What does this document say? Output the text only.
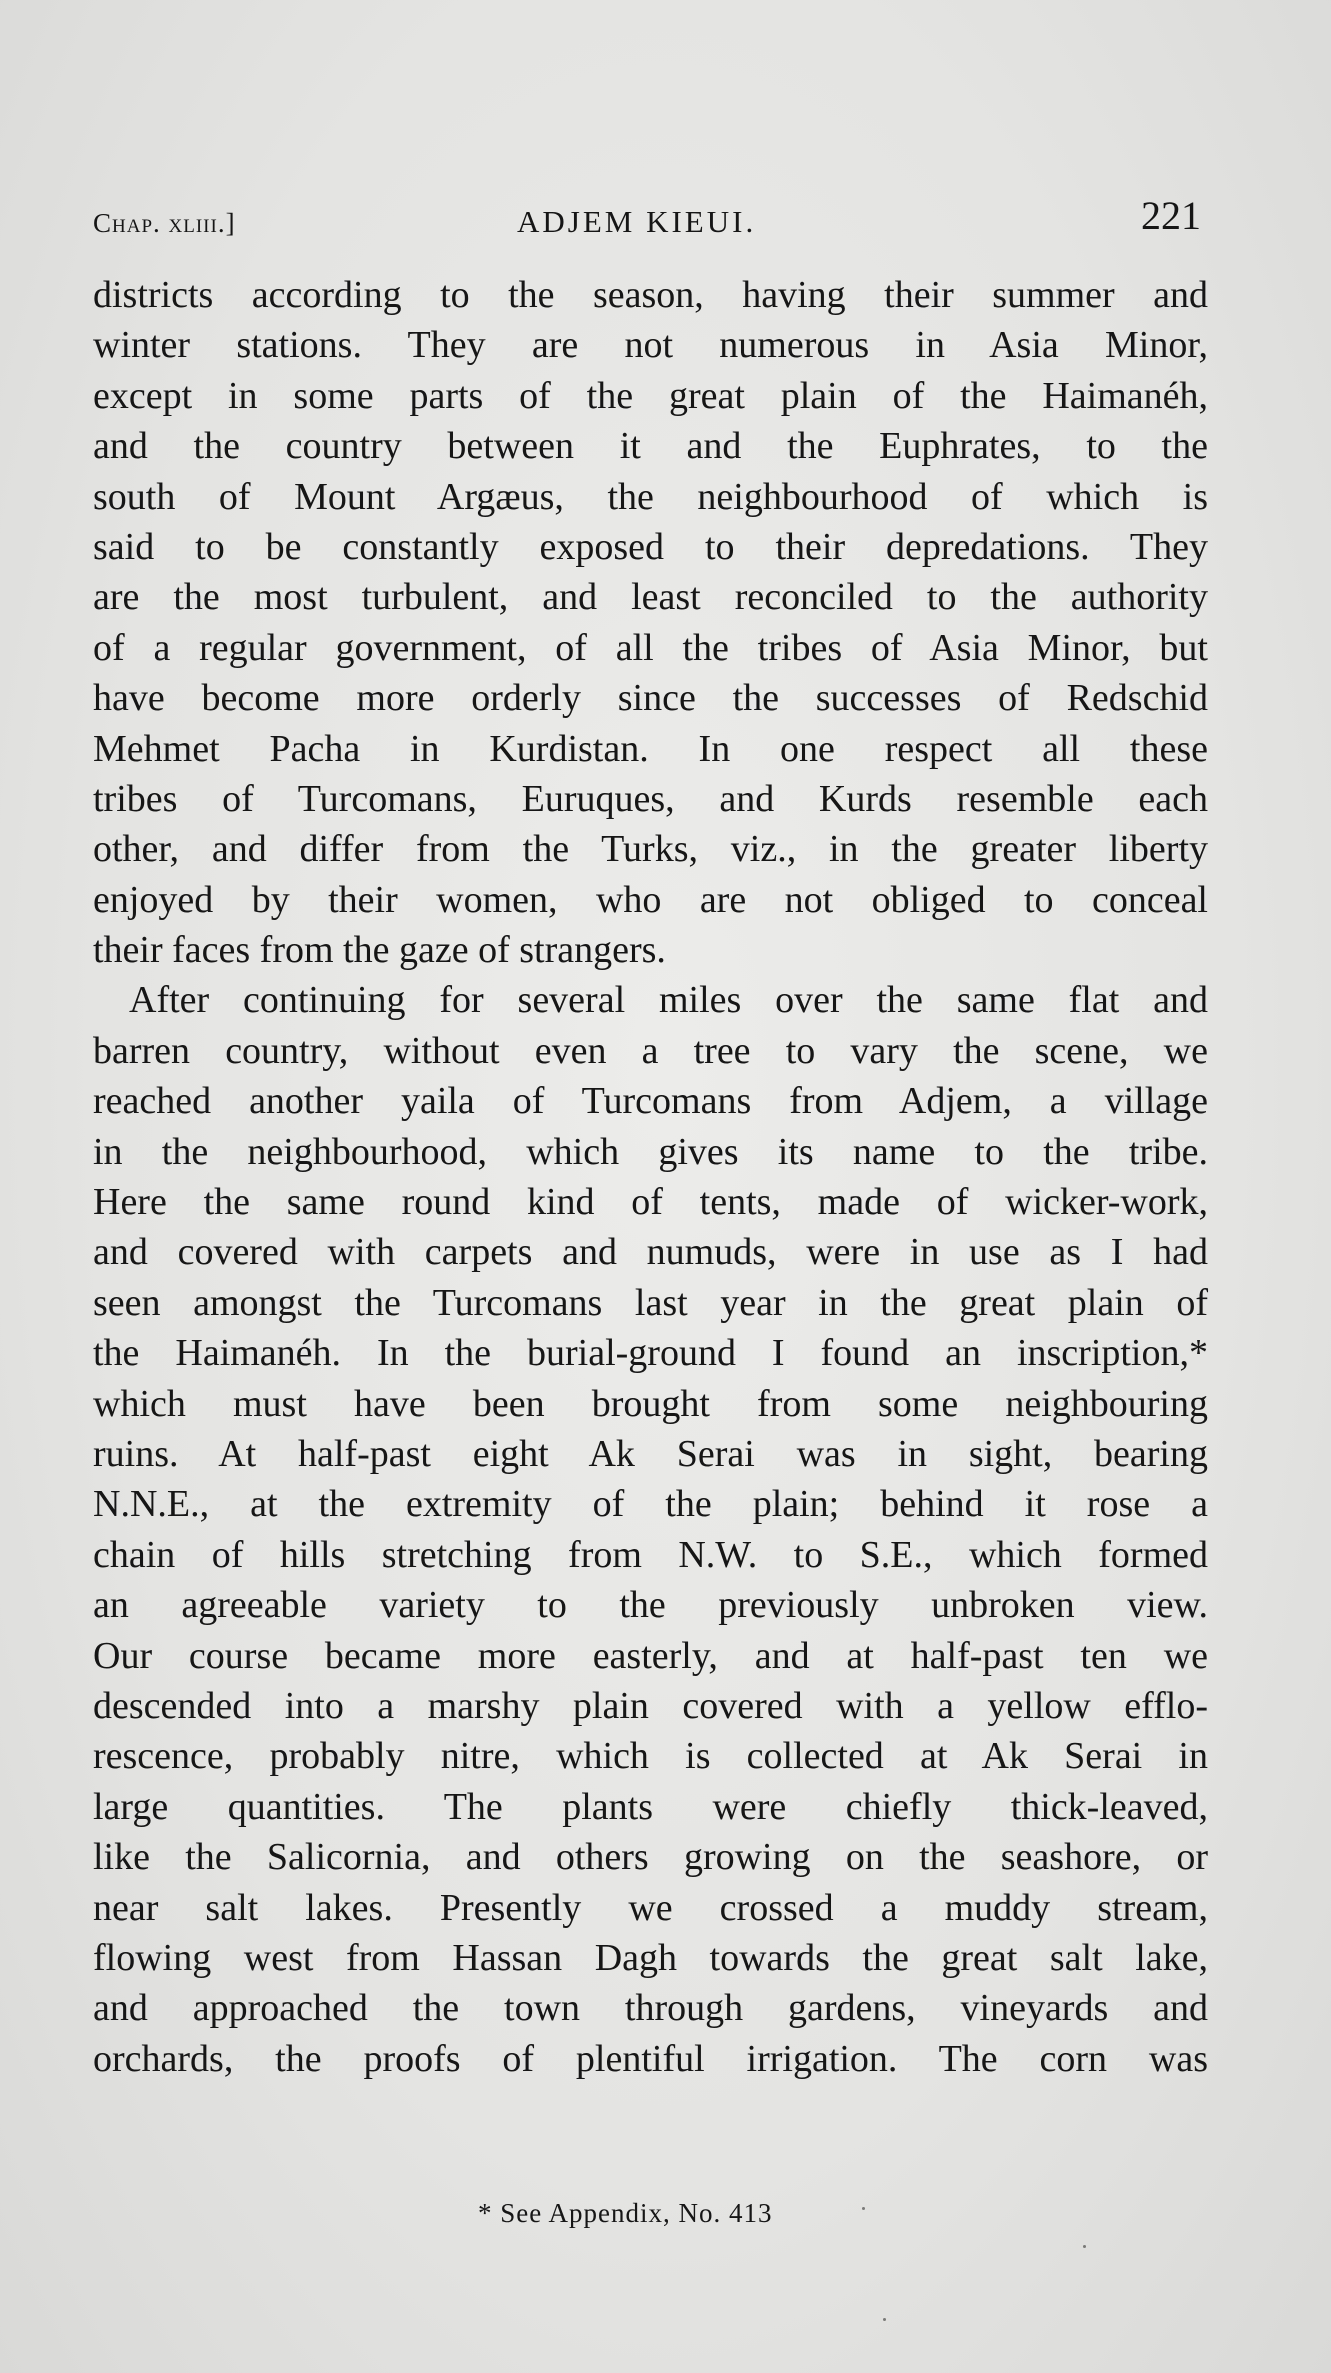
Chap. xliii.]	ADJEM KIEUI.	221
districts according to the season, having their summer and
winter stations. They are not numerous in Asia Minor,
except in some parts of the great plain of the Haimanéh,
and the country between it and the Euphrates, to the
south of Mount Argæus, the neighbourhood of which is
said to be constantly exposed to their depredations. They
are the most turbulent, and least reconciled to the authority
of a regular government, of all the tribes of Asia Minor, but
have become more orderly since the successes of Redschid
Mehmet Pacha in Kurdistan. In one respect all these
tribes of Turcomans, Euruques, and Kurds resemble each
other, and differ from the Turks, viz., in the greater liberty
enjoyed by their women, who are not obliged to conceal
their faces from the gaze of strangers.
After continuing for several miles over the same flat and
barren country, without even a tree to vary the scene, we
reached another yaila of Turcomans from Adjem, a village
in the neighbourhood, which gives its name to the tribe.
Here the same round kind of tents, made of wicker-work,
and covered with carpets and numuds, were in use as I had
seen amongst the Turcomans last year in the great plain of
the Haimanéh. In the burial-ground I found an inscription,*
which must have been brought from some neighbouring
ruins. At half-past eight Ak Serai was in sight, bearing
N.N.E., at the extremity of the plain; behind it rose a
chain of hills stretching from N.W. to S.E., which formed
an agreeable variety to the previously unbroken view.
Our course became more easterly, and at half-past ten we
descended into a marshy plain covered with a yellow efflo-
rescence, probably nitre, which is collected at Ak Serai in
large quantities. The plants were chiefly thick-leaved,
like the Salicornia, and others growing on the seashore, or
near salt lakes. Presently we crossed a muddy stream,
flowing west from Hassan Dagh towards the great salt lake,
and approached the town through gardens, vineyards and
orchards, the proofs of plentiful irrigation. The corn was
* See Appendix, No. 413
